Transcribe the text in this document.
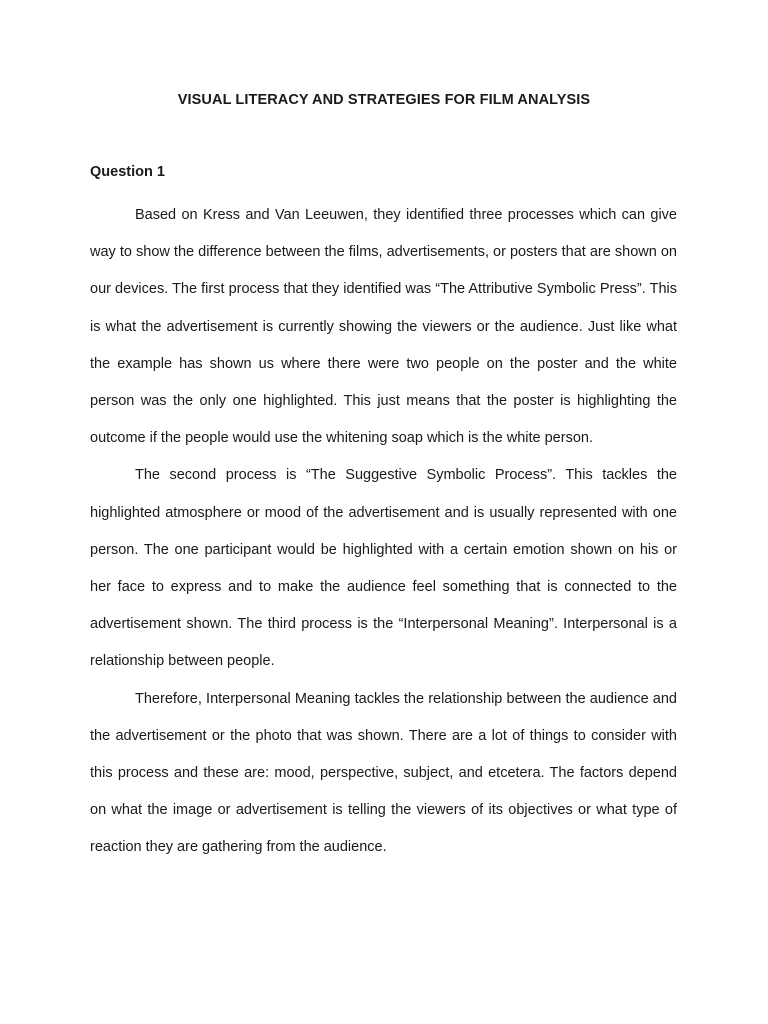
VISUAL LITERACY AND STRATEGIES FOR FILM ANALYSIS
Question 1

Based on Kress and Van Leeuwen, they identified three processes which can give way to show the difference between the films, advertisements, or posters that are shown on our devices. The first process that they identified was “The Attributive Symbolic Press”. This is what the advertisement is currently showing the viewers or the audience. Just like what the example has shown us where there were two people on the poster and the white person was the only one highlighted. This just means that the poster is highlighting the outcome if the people would use the whitening soap which is the white person.

The second process is “The Suggestive Symbolic Process”. This tackles the highlighted atmosphere or mood of the advertisement and is usually represented with one person. The one participant would be highlighted with a certain emotion shown on his or her face to express and to make the audience feel something that is connected to the advertisement shown. The third process is the “Interpersonal Meaning”. Interpersonal is a relationship between people.

Therefore, Interpersonal Meaning tackles the relationship between the audience and the advertisement or the photo that was shown. There are a lot of things to consider with this process and these are: mood, perspective, subject, and etcetera. The factors depend on what the image or advertisement is telling the viewers of its objectives or what type of reaction they are gathering from the audience.
